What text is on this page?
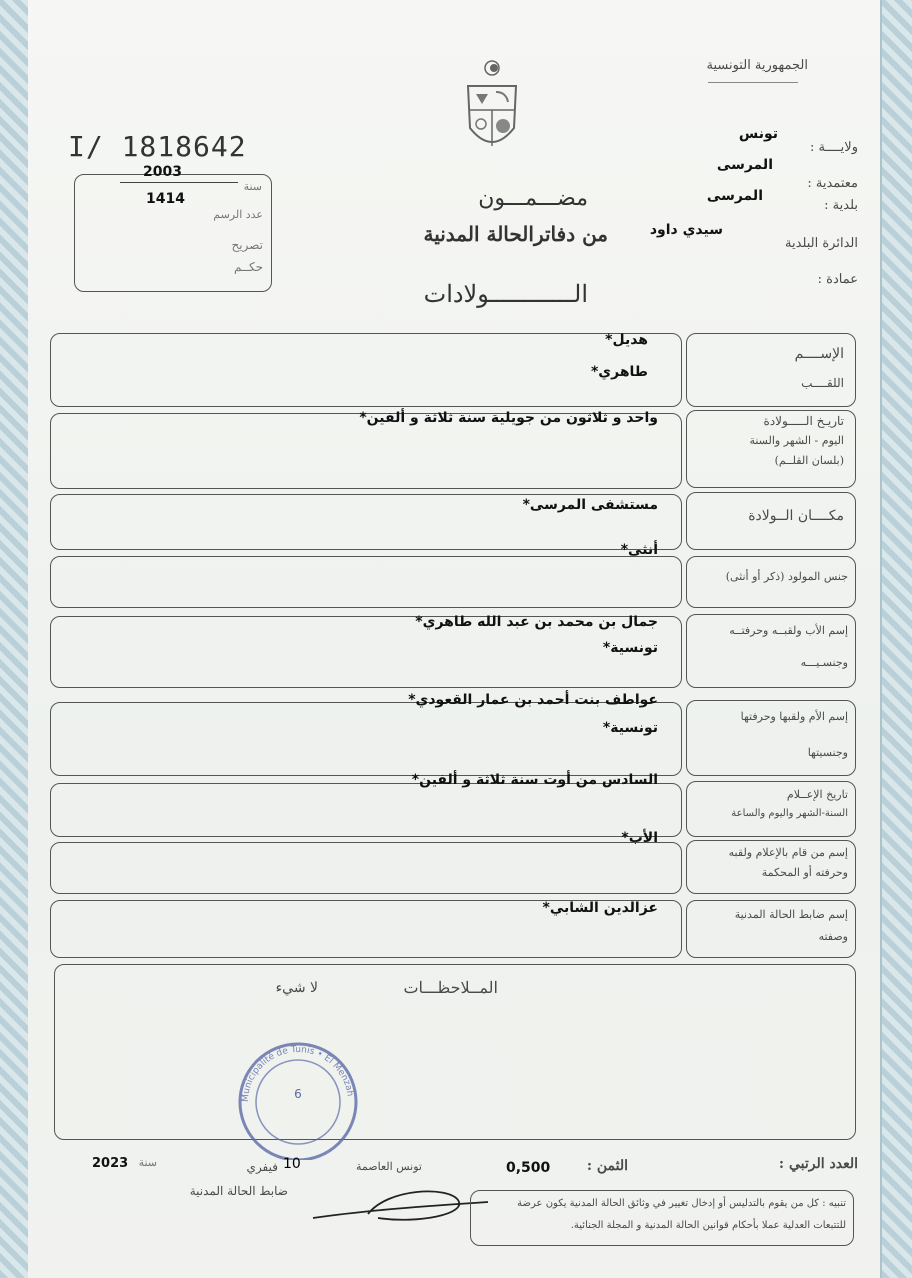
الجمهورية التونسية
I/ 1818642
2003
سنة
1414
عدد الرسم
تصريح
حكــم
ولايــــة :
تونس
معتمدية :
المرسى
بلدية :
المرسى
الدائرة البلدية
سيدي داود
عمادة :
مضـــمـــون
من دفاترالحالة المدنية
الــــــــــــولادات
الإســــم
اللقــــب
هديل*
طاهري*
تاريـخ الـــــولادة
اليوم - الشهر والسنة
(بلسان القلــم)
واحد و ثلاثون من جويلية سنة ثلاثة و ألفين*
مكــــان الــولادة
مستشفى المرسى*
جنس المولود (ذكر أو أنثى)
أنثى*
إسم الأب ولقبــه وحرفتــه
وجنسـيـــه
جمال بن محمد بن عبد الله طاهري*
تونسية*
إسم الأم ولقبها وحرفتها
وجنسيتها
عواطف بنت أحمد بن عمار القعودي*
تونسية*
تاريخ الإعــلام
السنة-الشهر واليوم والساعة
السادس من أوت سنة ثلاثة و ألفين*
إسم من قام بالإعلام ولقبه
وحرفته أو المحكمة
الأب*
إسم ضابط الحالة المدنية
وصفته
عزالدين الشابي*
المــلاحظـــات
لا شيء
Municipalité de Tunis • El Menzah
6
العدد الرتبي :
الثمن :
0,500
تونس العاصمة
10
فيفري
سنة
2023
ضابط الحالة المدنية
تنبيه : كل من يقوم بالتدليس أو إدخال تغيير في وثائق الحالة المدنية يكون عرضة
للتتبعات العدلية عملا بأحكام قوانين الحالة المدنية و المجلة الجنائية.
